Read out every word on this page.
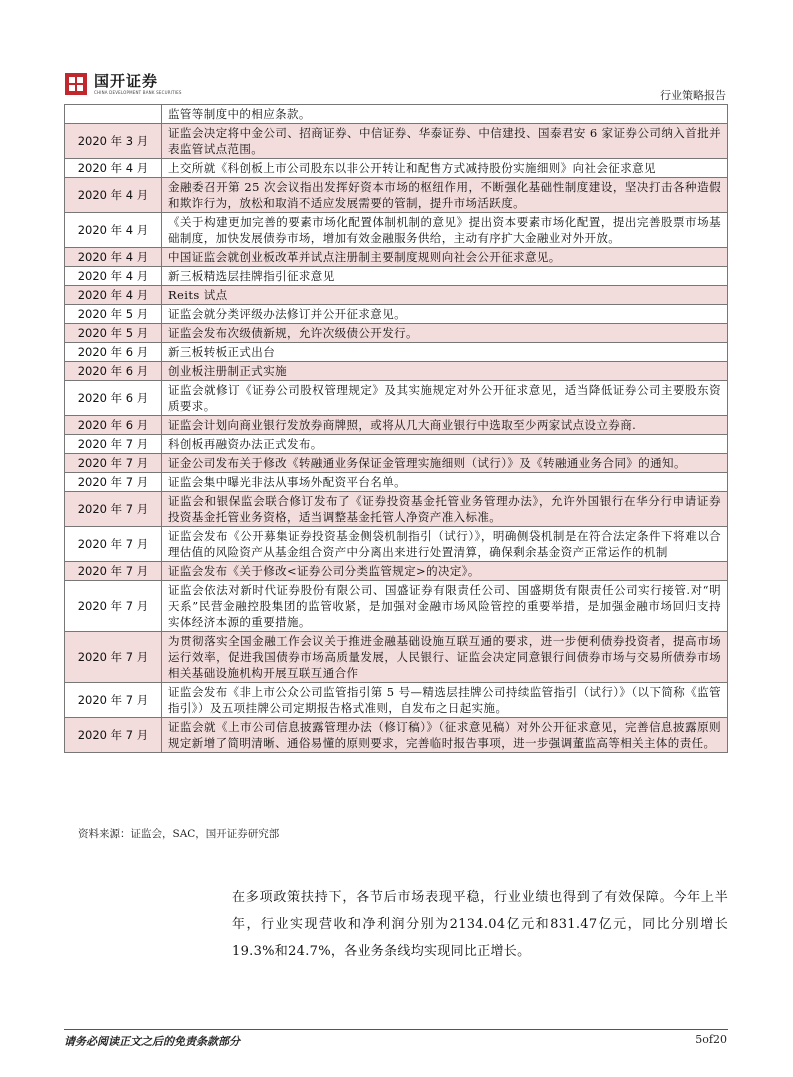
国开证券
CHINA DEVELOPMENT BANK SECURITIES	行业策略报告
	监管等制度中的相应条款。
2020 年 3 月	证监会决定将中金公司、招商证券、中信证券、华泰证券、中信建投、国泰君安 6 家证券公司纳入首批并表监管试点范围。
2020 年 4 月	上交所就《科创板上市公司股东以非公开转让和配售方式减持股份实施细则》向社会征求意见
2020 年 4 月	金融委召开第 25 次会议指出发挥好资本市场的枢纽作用，不断强化基础性制度建设，坚决打击各种造假和欺诈行为，放松和取消不适应发展需要的管制，提升市场活跃度。
2020 年 4 月	《关于构建更加完善的要素市场化配置体制机制的意见》提出资本要素市场化配置，提出完善股票市场基础制度，加快发展债券市场，增加有效金融服务供给，主动有序扩大金融业对外开放。
2020 年 4 月	中国证监会就创业板改革并试点注册制主要制度规则向社会公开征求意见。
2020 年 4 月	新三板精选层挂牌指引征求意见
2020 年 4 月	Reits 试点
2020 年 5 月	证监会就分类评级办法修订并公开征求意见。
2020 年 5 月	证监会发布次级债新规，允许次级债公开发行。
2020 年 6 月	新三板转板正式出台
2020 年 6 月	创业板注册制正式实施
2020 年 6 月	证监会就修订《证券公司股权管理规定》及其实施规定对外公开征求意见，适当降低证券公司主要股东资质要求。
2020 年 6 月	证监会计划向商业银行发放券商牌照，或将从几大商业银行中选取至少两家试点设立券商.
2020 年 7 月	科创板再融资办法正式发布。
2020 年 7 月	证金公司发布关于修改《转融通业务保证金管理实施细则（试行）》及《转融通业务合同》的通知。
2020 年 7 月	证监会集中曝光非法从事场外配资平台名单。
2020 年 7 月	证监会和银保监会联合修订发布了《证券投资基金托管业务管理办法》，允许外国银行在华分行申请证券投资基金托管业务资格，适当调整基金托管人净资产准入标准。
2020 年 7 月	证监会发布《公开募集证券投资基金侧袋机制指引（试行）》，明确侧袋机制是在符合法定条件下将难以合理估值的风险资产从基金组合资产中分离出来进行处置清算，确保剩余基金资产正常运作的机制
2020 年 7 月	证监会发布《关于修改<证券公司分类监管规定>的决定》。
2020 年 7 月	证监会依法对新时代证券股份有限公司、国盛证券有限责任公司、国盛期货有限责任公司实行接管.对“明天系”民营金融控股集团的监管收紧，是加强对金融市场风险管控的重要举措，是加强金融市场回归支持实体经济本源的重要措施。
2020 年 7 月	为贯彻落实全国金融工作会议关于推进金融基础设施互联互通的要求，进一步便利债券投资者，提高市场运行效率，促进我国债券市场高质量发展，人民银行、证监会决定同意银行间债券市场与交易所债券市场相关基础设施机构开展互联互通合作
2020 年 7 月	证监会发布《非上市公众公司监管指引第 5 号—精选层挂牌公司持续监管指引（试行）》（以下简称《监管指引》）及五项挂牌公司定期报告格式准则，自发布之日起实施。
2020 年 7 月	证监会就《上市公司信息披露管理办法（修订稿）》（征求意见稿）对外公开征求意见，完善信息披露原则规定新增了简明清晰、通俗易懂的原则要求，完善临时报告事项，进一步强调董监高等相关主体的责任。
资料来源：证监会，SAC，国开证券研究部
在多项政策扶持下，各节后市场表现平稳，行业业绩也得到了有效保障。今年上半年，行业实现营收和净利润分别为2134.04亿元和831.47亿元，同比分别增长19.3%和24.7%，各业务条线均实现同比正增长。
请务必阅读正文之后的免责条款部分	5of20
